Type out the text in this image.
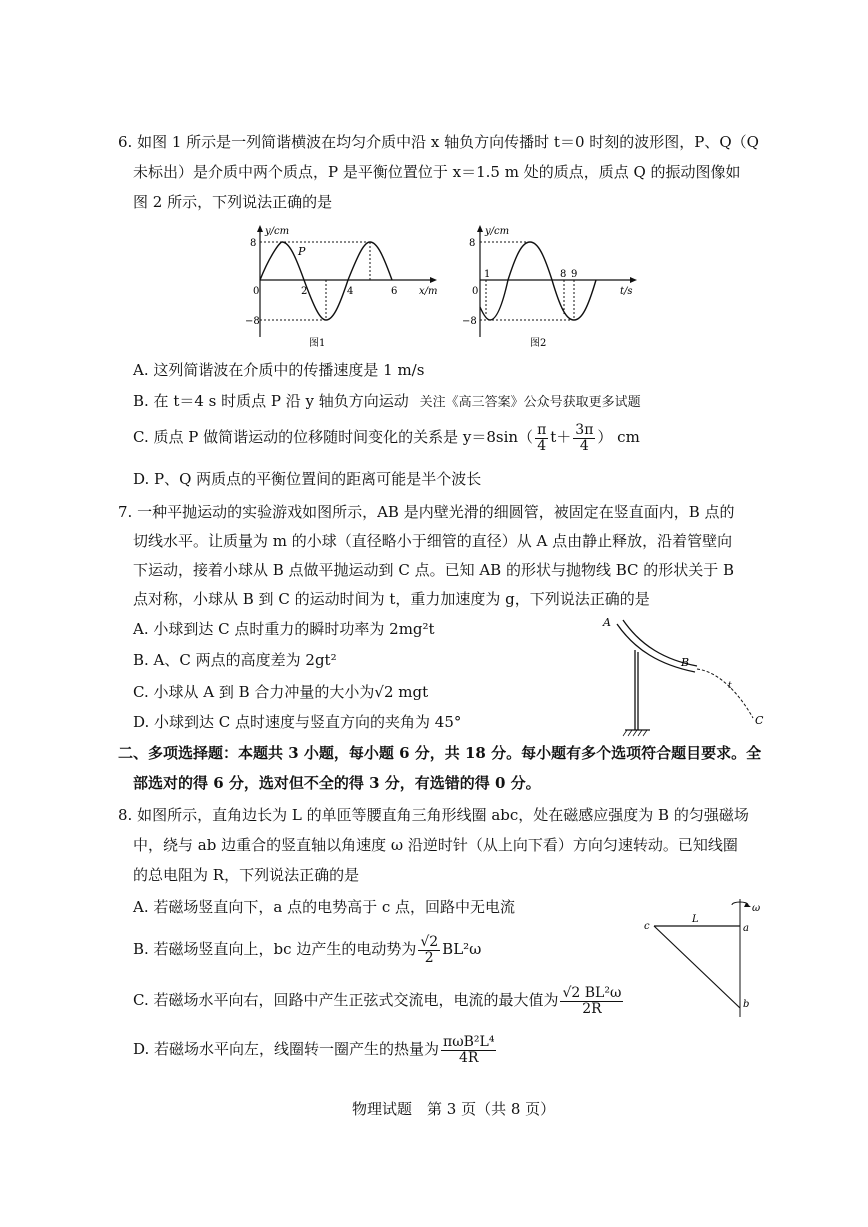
6. 如图 1 所示是一列简谐横波在均匀介质中沿 x 轴负方向传播时 t＝0 时刻的波形图，P、Q（Q
未标出）是介质中两个质点，P 是平衡位置位于 x＝1.5 m 处的质点，质点 Q 的振动图像如
图 2 所示，下列说法正确的是
y/cm
8
−8
0	2	4	6 x/m
P
图1
y/cm
8
−8
0
1	8 9
t/s
图2
A. 这列简谐波在介质中的传播速度是 1 m/s
B. 在 t＝4 s 时质点 P 沿 y 轴负方向运动 关注《高三答案》公众号获取更多试题
C. 质点 P 做简谐运动的位移随时间变化的关系是 $y=8\sin( \frac{\pi}{4} t+ \frac{3\pi}{4}$ ） cm
D. P、Q 两质点的平衡位置间的距离可能是半个波长
7. 一种平抛运动的实验游戏如图所示，AB 是内壁光滑的细圆管，被固定在竖直面内，B 点的
切线水平。让质量为 m 的小球（直径略小于细管的直径）从 A 点由静止释放，沿着管壁向
下运动，接着小球从 B 点做平抛运动到 C 点。已知 AB 的形状与抛物线 BC 的形状关于 B
点对称，小球从 B 到 C 的运动时间为 t，重力加速度为 g，下列说法正确的是
A. 小球到达 C 点时重力的瞬时功率为 2mg²t
B. A、C 两点的高度差为 2gt²
C. 小球从 A 到 B 合力冲量的大小为√2 mgt
D. 小球到达 C 点时速度与竖直方向的夹角为 45°
A
B
C
t
二、多项选择题：本题共 3 小题，每小题 6 分，共 18 分。每小题有多个选项符合题目要求。全
部选对的得 6 分，选对但不全的得 3 分，有选错的得 0 分。
8. 如图所示，直角边长为 L 的单匝等腰直角三角形线圈 abc，处在磁感应强度为 B 的匀强磁场
中，绕与 ab 边重合的竖直轴以角速度 ω 沿逆时针（从上向下看）方向匀速转动。已知线圈
的总电阻为 R，下列说法正确的是
A. 若磁场竖直向下，a 点的电势高于 c 点，回路中无电流
B. 若磁场竖直向上，bc 边产生的电动势为 $\frac{√2}{2} BL^2\omega$
C. 若磁场水平向右，回路中产生正弦式交流电，电流的最大值为 $\frac{\text{√2 BL²ω}}{2R}$
D. 若磁场水平向左，线圈转一圈产生的热量为 $\frac{\text{πωB²L⁴}}{4R}$
c	a
b
L
ω
物理试题　第 3 页（共 8 页）
